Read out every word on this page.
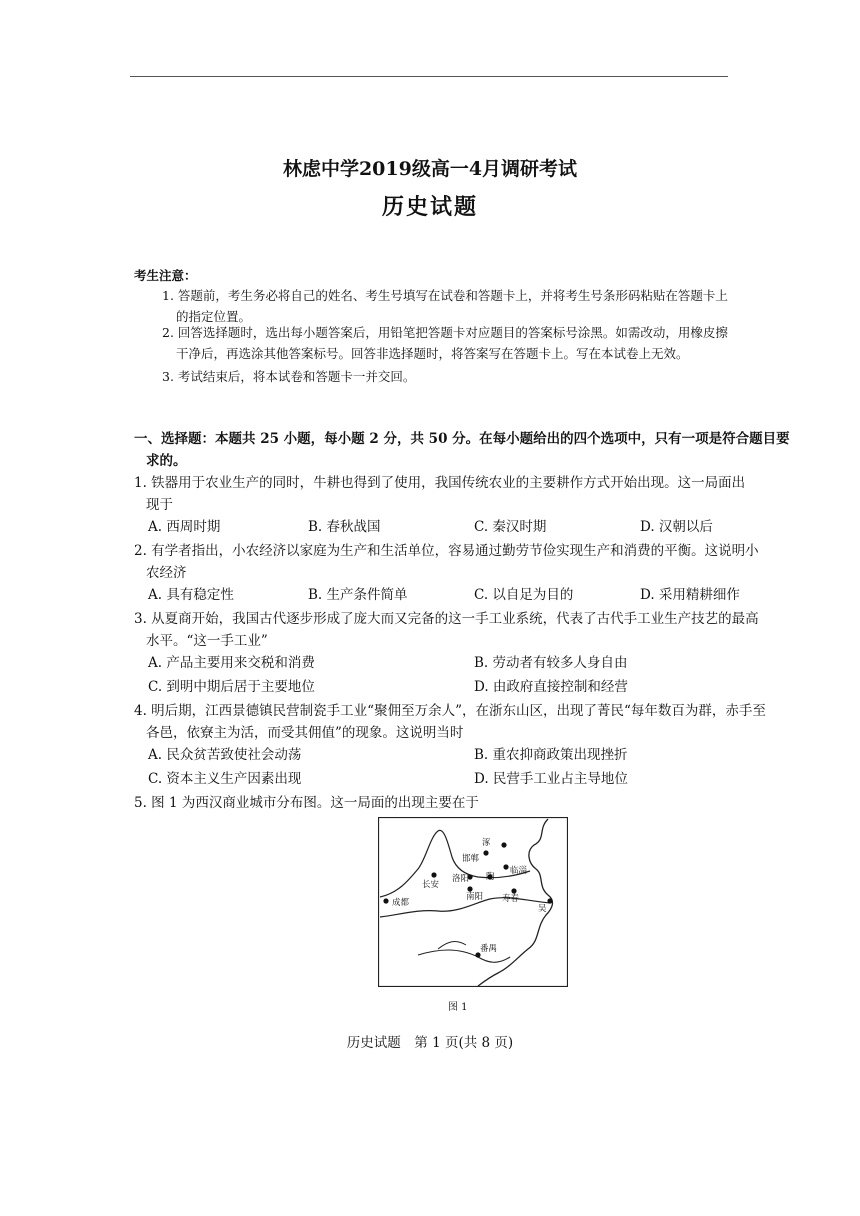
林虑中学2019级高一4月调研考试
历史试题
考生注意：
1. 答题前，考生务必将自己的姓名、考生号填写在试卷和答题卡上，并将考生号条形码粘贴在答题卡上
的指定位置。
2. 回答选择题时，选出每小题答案后，用铅笔把答题卡对应题目的答案标号涂黑。如需改动，用橡皮擦
干净后，再选涂其他答案标号。回答非选择题时，将答案写在答题卡上。写在本试卷上无效。
3. 考试结束后，将本试卷和答题卡一并交回。
一、选择题：本题共 25 小题，每小题 2 分，共 50 分。在每小题给出的四个选项中，只有一项是符合题目要
求的。
1. 铁器用于农业生产的同时，牛耕也得到了使用，我国传统农业的主要耕作方式开始出现。这一局面出
现于
A. 西周时期	B. 春秋战国	C. 秦汉时期	D. 汉朝以后
2. 有学者指出，小农经济以家庭为生产和生活单位，容易通过勤劳节俭实现生产和消费的平衡。这说明小
农经济
A. 具有稳定性	B. 生产条件简单	C. 以自足为目的	D. 采用精耕细作
3. 从夏商开始，我国古代逐步形成了庞大而又完备的这一手工业系统，代表了古代手工业生产技艺的最高
水平。“这一手工业”
A. 产品主要用来交税和消费	B. 劳动者有较多人身自由
C. 到明中期后居于主要地位	D. 由政府直接控制和经营
4. 明后期，江西景德镇民营制瓷手工业“聚佣至万余人”，在浙东山区，出现了菁民“每年数百为群，赤手至
各邑，依寮主为活，而受其佣值”的现象。这说明当时
A. 民众贫苦致使社会动荡	B. 重农抑商政策出现挫折
C. 资本主义生产因素出现	D. 民营手工业占主导地位
5. 图 1 为西汉商业城市分布图。这一局面的出现主要在于
涿
邯郸
临淄
长安
洛阳 陶
成都
南阳 寿春
吴
番禺
图 1
历史试题　第 1 页(共 8 页)
